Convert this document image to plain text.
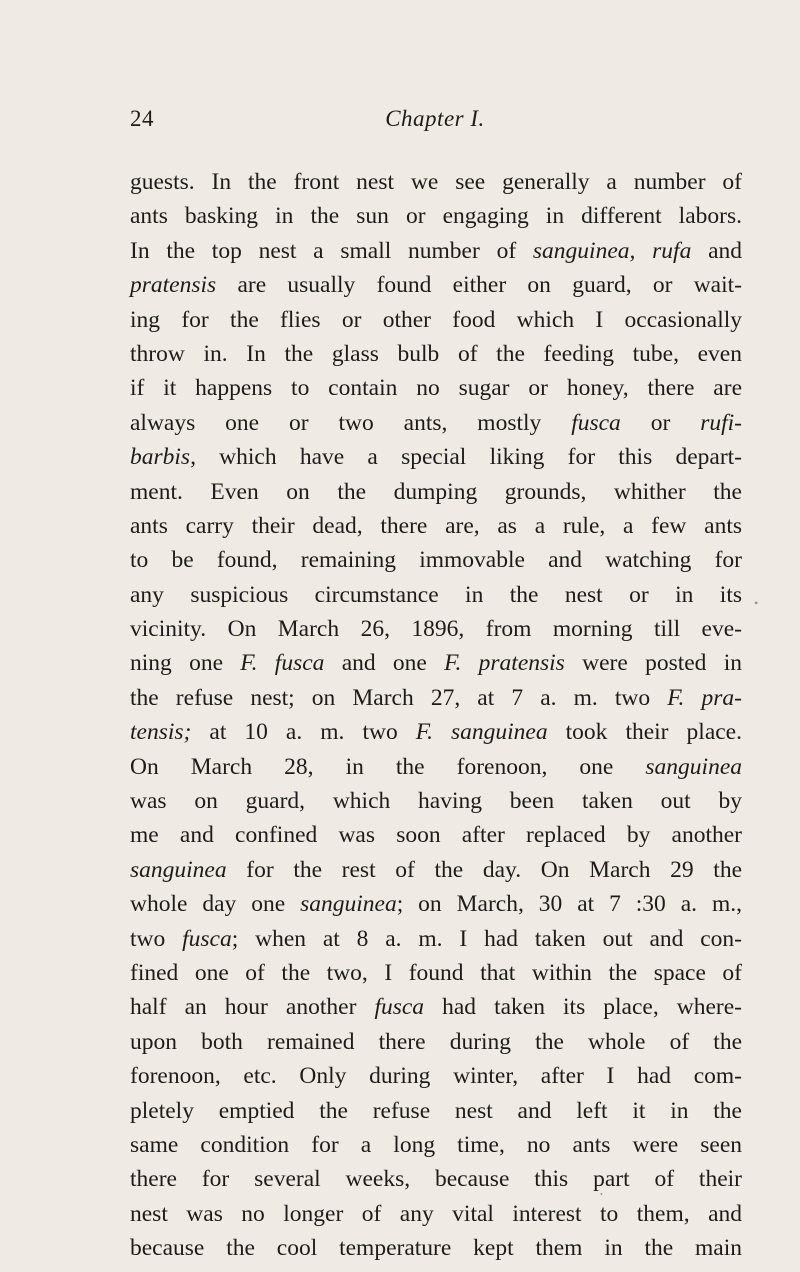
24	Chapter I.
guests. In the front nest we see generally a number of
ants basking in the sun or engaging in different labors.
In the top nest a small number of sanguinea, rufa and
pratensis are usually found either on guard, or wait-
ing for the flies or other food which I occasionally
throw in. In the glass bulb of the feeding tube, even
if it happens to contain no sugar or honey, there are
always one or two ants, mostly fusca or rufi-
barbis, which have a special liking for this depart-
ment. Even on the dumping grounds, whither the
ants carry their dead, there are, as a rule, a few ants
to be found, remaining immovable and watching for
any suspicious circumstance in the nest or in its
vicinity. On March 26, 1896, from morning till eve-
ning one F. fusca and one F. pratensis were posted in
the refuse nest; on March 27, at 7 a. m. two F. pra-
tensis; at 10 a. m. two F. sanguinea took their place.
On March 28, in the forenoon, one sanguinea
was on guard, which having been taken out by
me and confined was soon after replaced by another
sanguinea for the rest of the day. On March 29 the
whole day one sanguinea; on March, 30 at 7 :30 a. m.,
two fusca; when at 8 a. m. I had taken out and con-
fined one of the two, I found that within the space of
half an hour another fusca had taken its place, where-
upon both remained there during the whole of the
forenoon, etc. Only during winter, after I had com-
pletely emptied the refuse nest and left it in the
same condition for a long time, no ants were seen
there for several weeks, because this part of their
nest was no longer of any vital interest to them, and
because the cool temperature kept them in the main
•
•
